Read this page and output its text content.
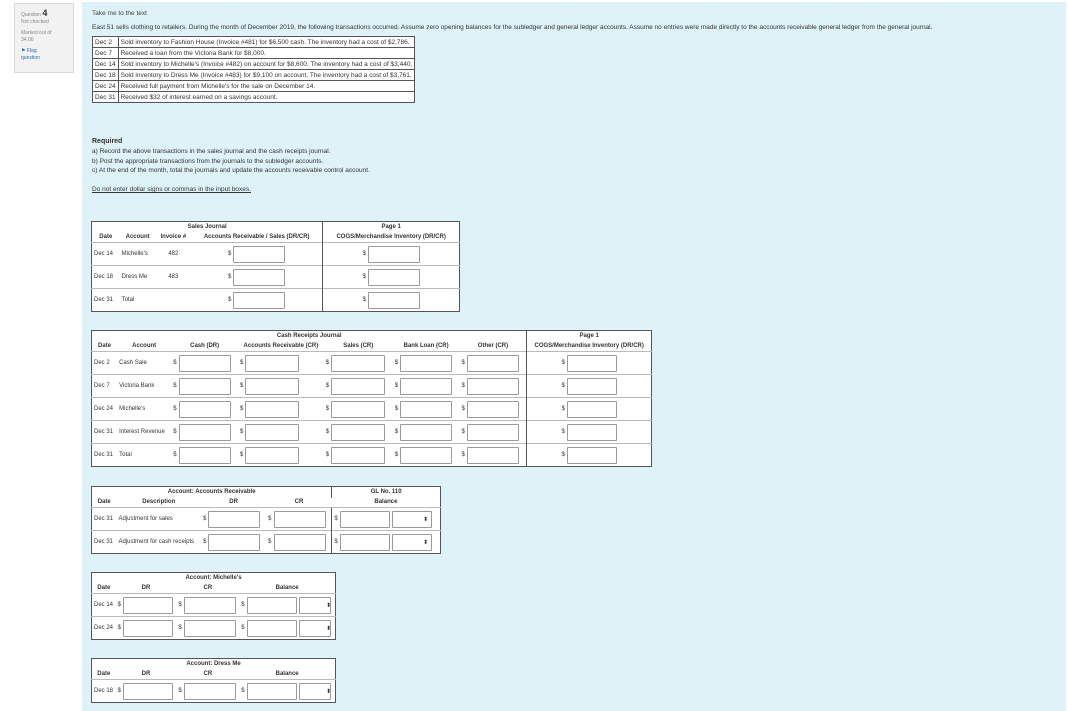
Question 4
Not checked
Marked out of
34.00
⚑ Flag
question
Take me to the text
East 51 sells clothing to retailers. During the month of December 2019, the following transactions occurred. Assume zero opening balances for the subledger and general ledger accounts. Assume no entries were made directly to the accounts receivable general ledger from the general journal.
Dec 2	Sold inventory to Fashion House (Invoice #481) for $6,500 cash. The inventory had a cost of $2,786.
Dec 7	Received a loan from the Victoria Bank for $8,000.
Dec 14	Sold inventory to Michelle's (Invoice #482) on account for $8,600. The inventory had a cost of $3,440.
Dec 18	Sold inventory to Dress Me (Invoice #483) for $9,100 on account. The inventory had a cost of $3,761.
Dec 24	Received full payment from Michelle's for the sale on December 14.
Dec 31	Received $32 of interest earned on a savings account.
Required
a) Record the above transactions in the sales journal and the cash receipts journal.
b) Post the appropriate transactions from the journals to the subledger accounts.
c) At the end of the month, total the journals and update the accounts receivable control account.
Do not enter dollar signs or commas in the input boxes.
Sales Journal				Page 1
Date	Account	Invoice #	Accounts Receivable / Sales (DR/CR)	COGS/Merchandise Inventory (DR/CR)
Dec 14	Michelle's	482	$	$

Dec 18	Dress Me	483	$	$

Dec 31	Total		$	$
Cash Receipts Journal							Page 1
Date	Account	Cash (DR)	Accounts Receivable (CR)	Sales (CR)	Bank Loan (CR)	Other (CR)	COGS/Merchandise Inventory (DR/CR)
Dec 2	Cash Sale	$	$	$	$	$	$

Dec 7	Victoria Bank	$	$	$	$	$	$

Dec 24	Michelle's	$	$	$	$	$	$

Dec 31	Interest Revenue	$	$	$	$	$	$

Dec 31	Total	$	$	$	$	$	$
Account: Accounts Receivable				GL No. 110
Date	Description	DR	CR	Balance
Dec 31	Adjustment for sales	$	$	$ ⬍

Dec 31	Adjustment for cash receipts	$	$	$ ⬍
Account: Michelle's			
Date	DR	CR	Balance
Dec 14	$	$	$ ⬍

Dec 24	$	$	$ ⬍
Account: Dress Me			
Date	DR	CR	Balance
Dec 18	$	$	$ ⬍
